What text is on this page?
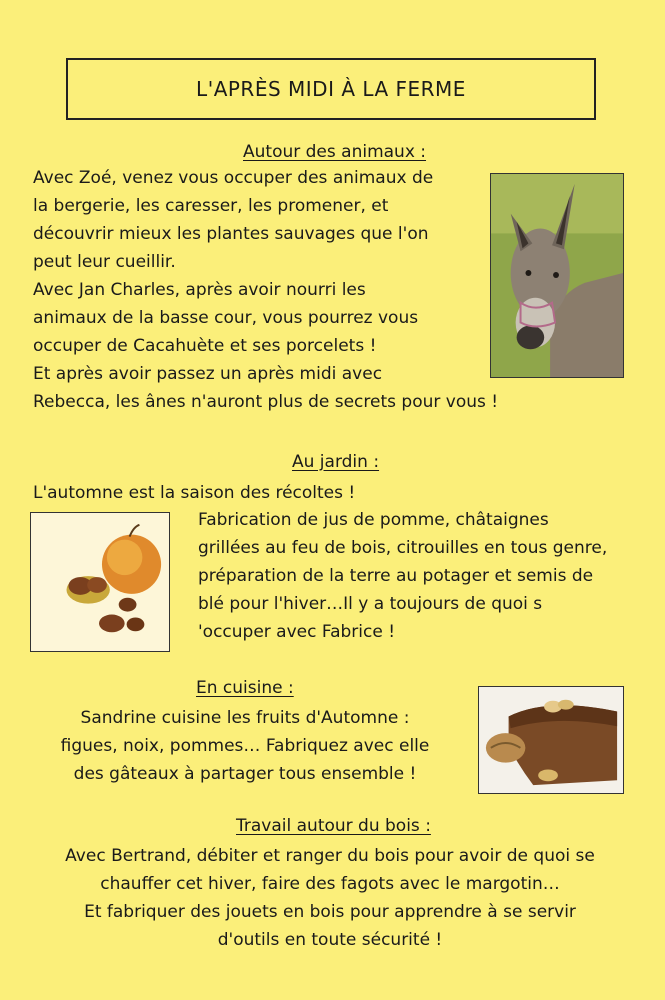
L'APRÈS MIDI À LA FERME
Autour des animaux :
Avec Zoé, venez vous occuper des animaux de
la bergerie, les caresser, les promener, et
découvrir mieux les plantes sauvages que l'on
peut leur cueillir.
Avec Jan Charles, après avoir nourri les
animaux de la basse cour, vous pourrez vous
occuper de Cacahuète et ses porcelets !
Et après avoir passez un après midi avec
Rebecca, les ânes n'auront plus de secrets pour vous !
Au jardin :
L'automne est la saison des récoltes !
Fabrication de jus de pomme, châtaignes
grillées au feu de bois, citrouilles en tous genre,
préparation de la terre au potager et semis de
blé pour l'hiver…Il y a toujours de quoi s
'occuper avec Fabrice !
En cuisine :
Sandrine cuisine les fruits d'Automne :
figues, noix, pommes… Fabriquez avec elle
des gâteaux à partager tous ensemble !
Travail autour du bois :
Avec Bertrand, débiter et ranger du bois pour avoir de quoi se
chauffer cet hiver, faire des fagots avec le margotin…
Et fabriquer des jouets en bois pour apprendre à se servir
d'outils en toute sécurité !
